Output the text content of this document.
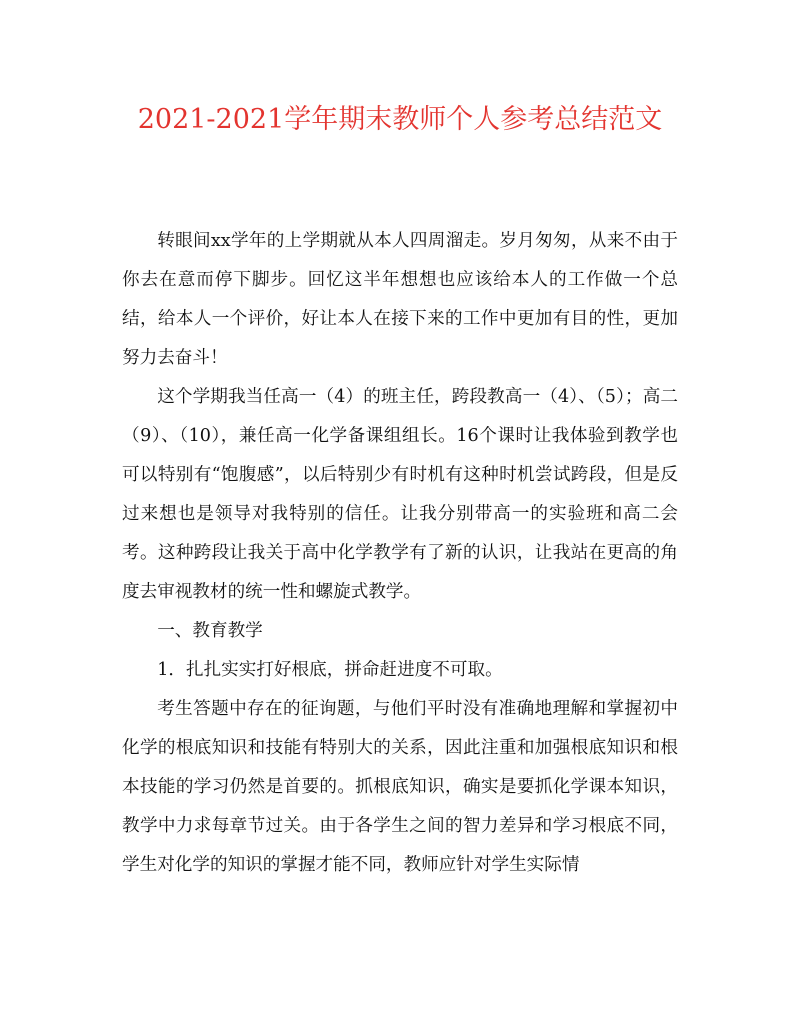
2021-2021学年期末教师个人参考总结范文

转眼间xx学年的上学期就从本人四周溜走。岁月匆匆，从来不由于你去在意而停下脚步。回忆这半年想想也应该给本人的工作做一个总结，给本人一个评价，好让本人在接下来的工作中更加有目的性，更加努力去奋斗！

这个学期我当任高一（4）的班主任，跨段教高一（4）、（5）；高二（9）、（10），兼任高一化学备课组组长。16个课时让我体验到教学也可以特别有“饱腹感”，以后特别少有时机有这种时机尝试跨段，但是反过来想也是领导对我特别的信任。让我分别带高一的实验班和高二会考。这种跨段让我关于高中化学教学有了新的认识，让我站在更高的角度去审视教材的统一性和螺旋式教学。

一、教育教学

1．扎扎实实打好根底，拼命赶进度不可取。

考生答题中存在的征询题，与他们平时没有准确地理解和掌握初中化学的根底知识和技能有特别大的关系，因此注重和加强根底知识和根本技能的学习仍然是首要的。抓根底知识，确实是要抓化学课本知识，教学中力求每章节过关。由于各学生之间的智力差异和学习根底不同，学生对化学的知识的掌握才能不同，教师应针对学生实际情
